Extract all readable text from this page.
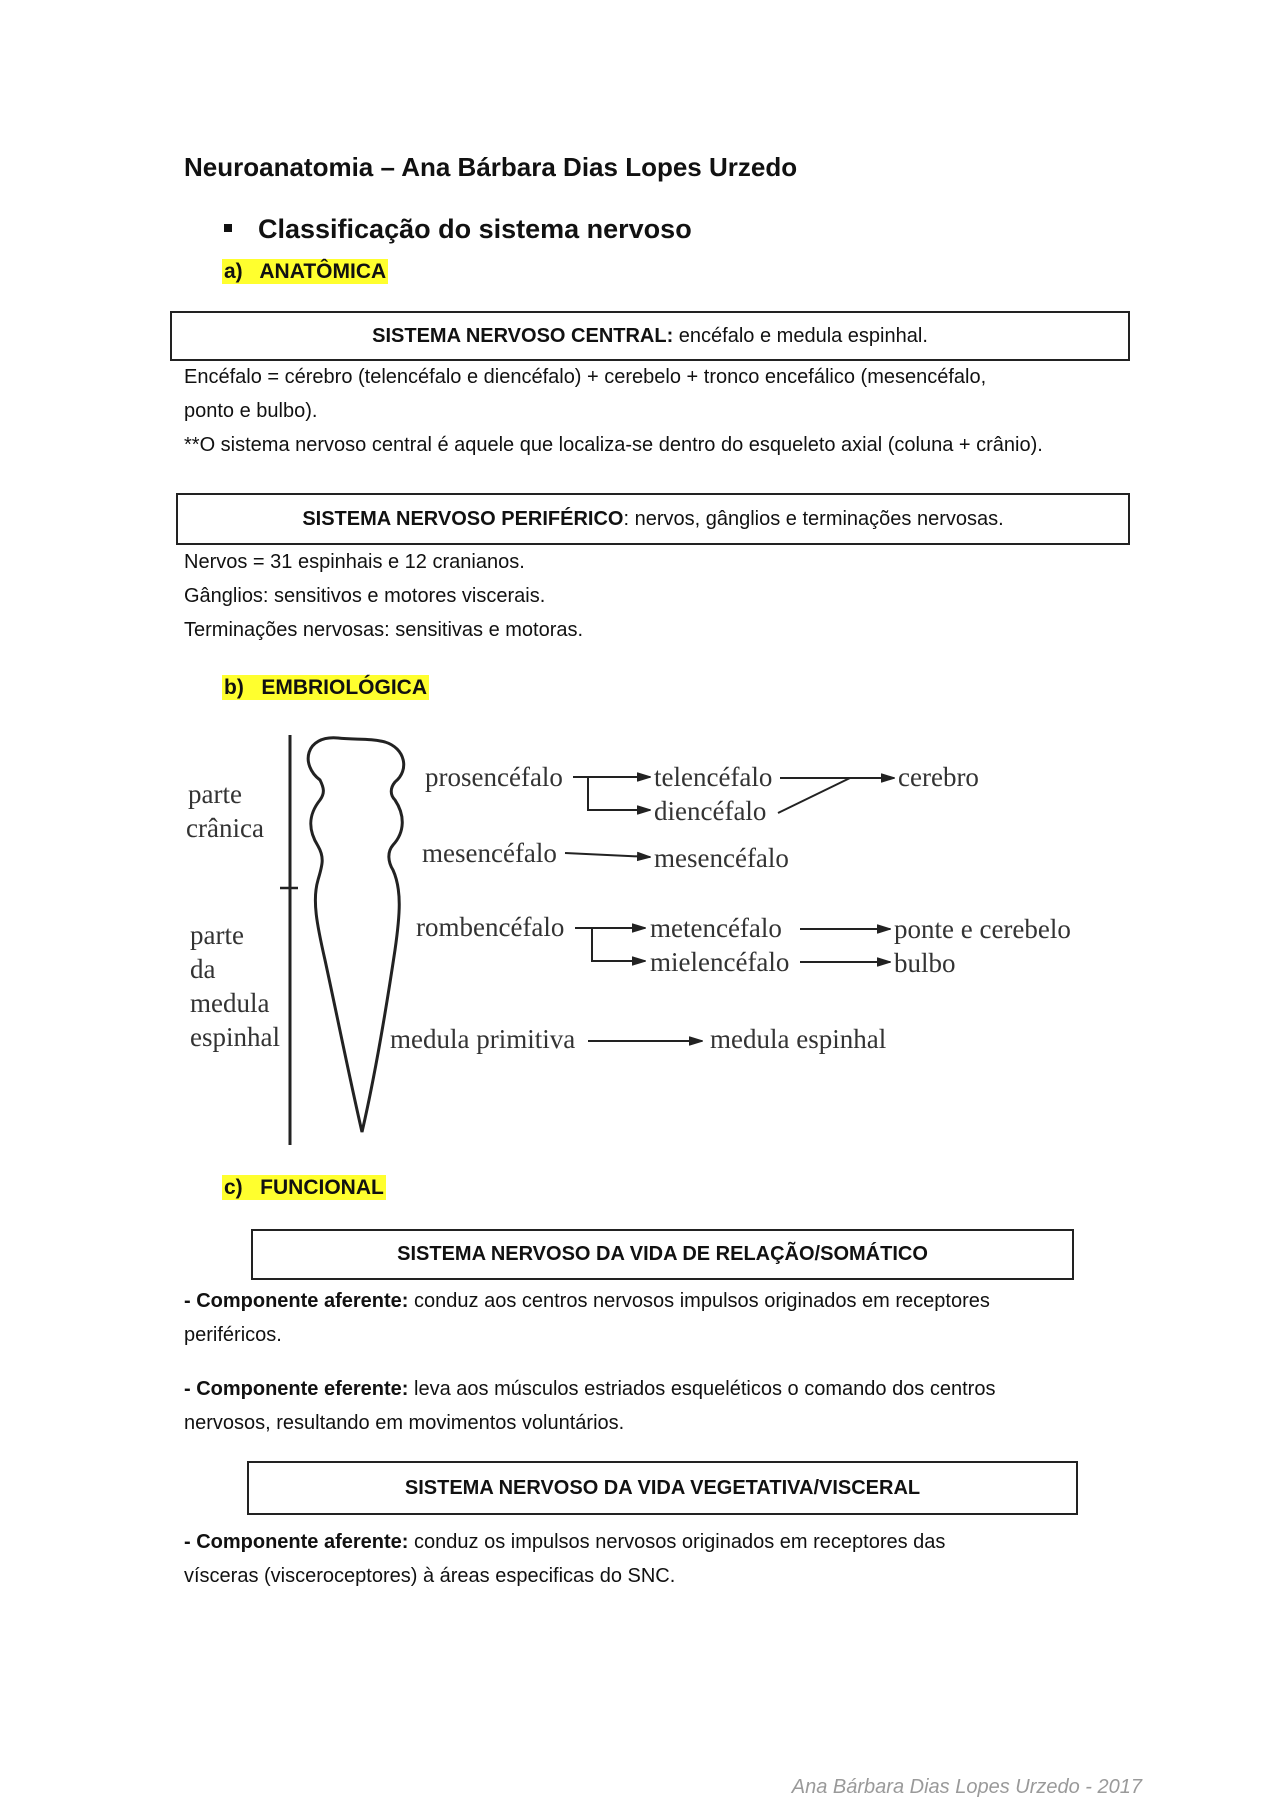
Neuroanatomia – Ana Bárbara Dias Lopes Urzedo
Classificação do sistema nervoso
a)   ANATÔMICA
SISTEMA NERVOSO CENTRAL: encéfalo e medula espinhal.
Encéfalo = cérebro (telencéfalo e diencéfalo) + cerebelo + tronco encefálico (mesencéfalo,
ponto e bulbo).
**O sistema nervoso central é aquele que localiza-se dentro do esqueleto axial (coluna + crânio).
SISTEMA NERVOSO PERIFÉRICO : nervos, gânglios e terminações nervosas.
Nervos = 31 espinhais e 12 cranianos.
Gânglios: sensitivos e motores viscerais.
Terminações nervosas: sensitivas e motoras.
b)   EMBRIOLÓGICA
parte
crânica
parte
da
medula
espinhal
prosencéfalo	telencéfalo
diencéfalo
cerebro
mesencéfalo	mesencéfalo
rombencéfalo	metencéfalo
mielencéfalo
ponte e cerebelo
bulbo
medula primitiva	medula espinhal
c)   FUNCIONAL
SISTEMA NERVOSO DA VIDA DE RELAÇÃO/SOMÁTICO
- Componente aferente: conduz aos centros nervosos impulsos originados em receptores
periféricos.
- Componente eferente: leva aos músculos estriados esqueléticos o comando dos centros
nervosos, resultando em movimentos voluntários.
SISTEMA NERVOSO DA VIDA VEGETATIVA/VISCERAL
- Componente aferente: conduz os impulsos nervosos originados em receptores das
vísceras (visceroceptores) à áreas especificas do SNC.
Ana Bárbara Dias Lopes Urzedo - 2017
